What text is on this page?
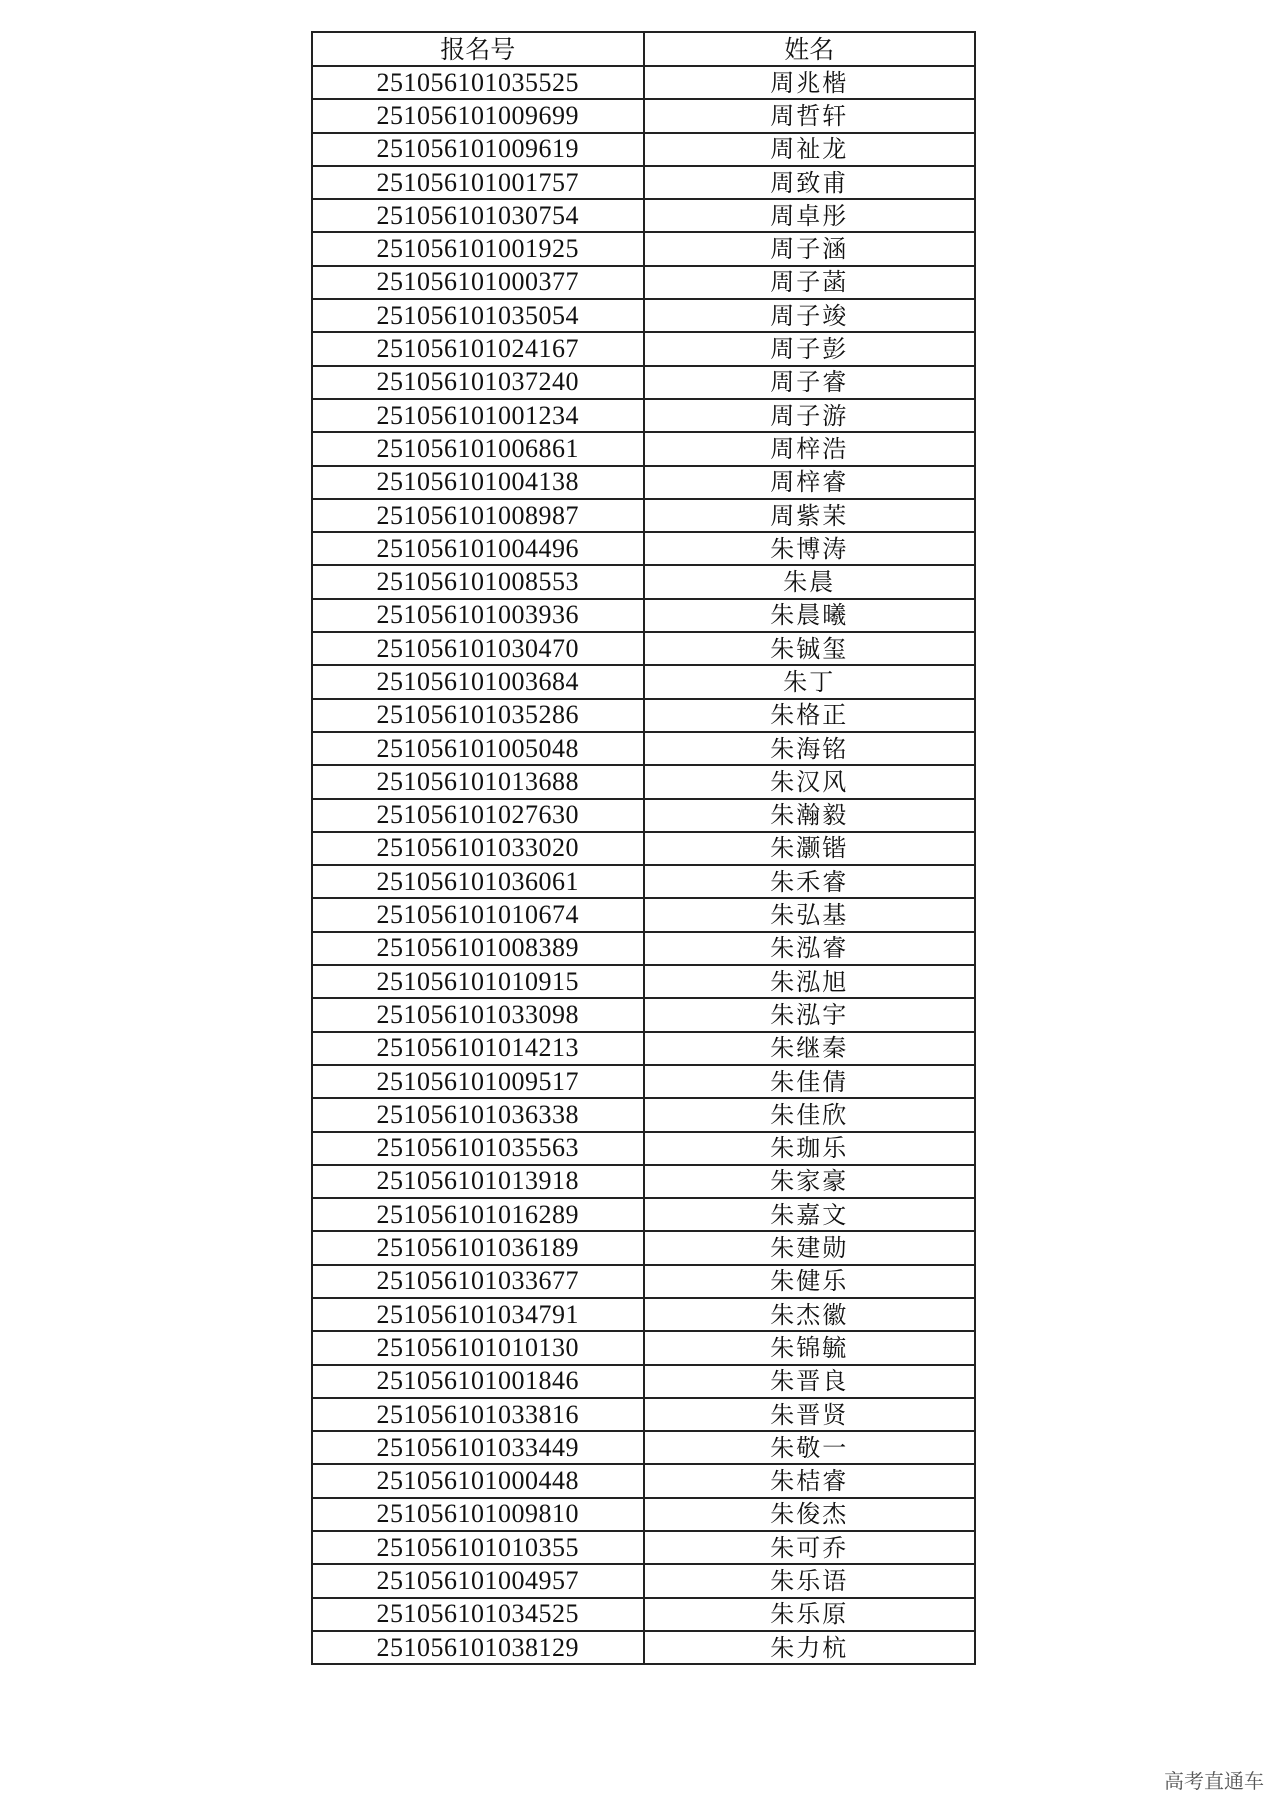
报名号	姓名
251056101035525	周兆楷
251056101009699	周哲轩
251056101009619	周祉龙
251056101001757	周致甫
251056101030754	周卓彤
251056101001925	周子涵
251056101000377	周子菡
251056101035054	周子竣
251056101024167	周子彭
251056101037240	周子睿
251056101001234	周子游
251056101006861	周梓浩
251056101004138	周梓睿
251056101008987	周紫茉
251056101004496	朱博涛
251056101008553	朱晨
251056101003936	朱晨曦
251056101030470	朱铖玺
251056101003684	朱丁
251056101035286	朱格正
251056101005048	朱海铭
251056101013688	朱汉风
251056101027630	朱瀚毅
251056101033020	朱灏锴
251056101036061	朱禾睿
251056101010674	朱弘基
251056101008389	朱泓睿
251056101010915	朱泓旭
251056101033098	朱泓宇
251056101014213	朱继秦
251056101009517	朱佳倩
251056101036338	朱佳欣
251056101035563	朱珈乐
251056101013918	朱家豪
251056101016289	朱嘉文
251056101036189	朱建勋
251056101033677	朱健乐
251056101034791	朱杰徽
251056101010130	朱锦毓
251056101001846	朱晋良
251056101033816	朱晋贤
251056101033449	朱敬一
251056101000448	朱桔睿
251056101009810	朱俊杰
251056101010355	朱可乔
251056101004957	朱乐语
251056101034525	朱乐原
251056101038129	朱力杭
高考直通车
